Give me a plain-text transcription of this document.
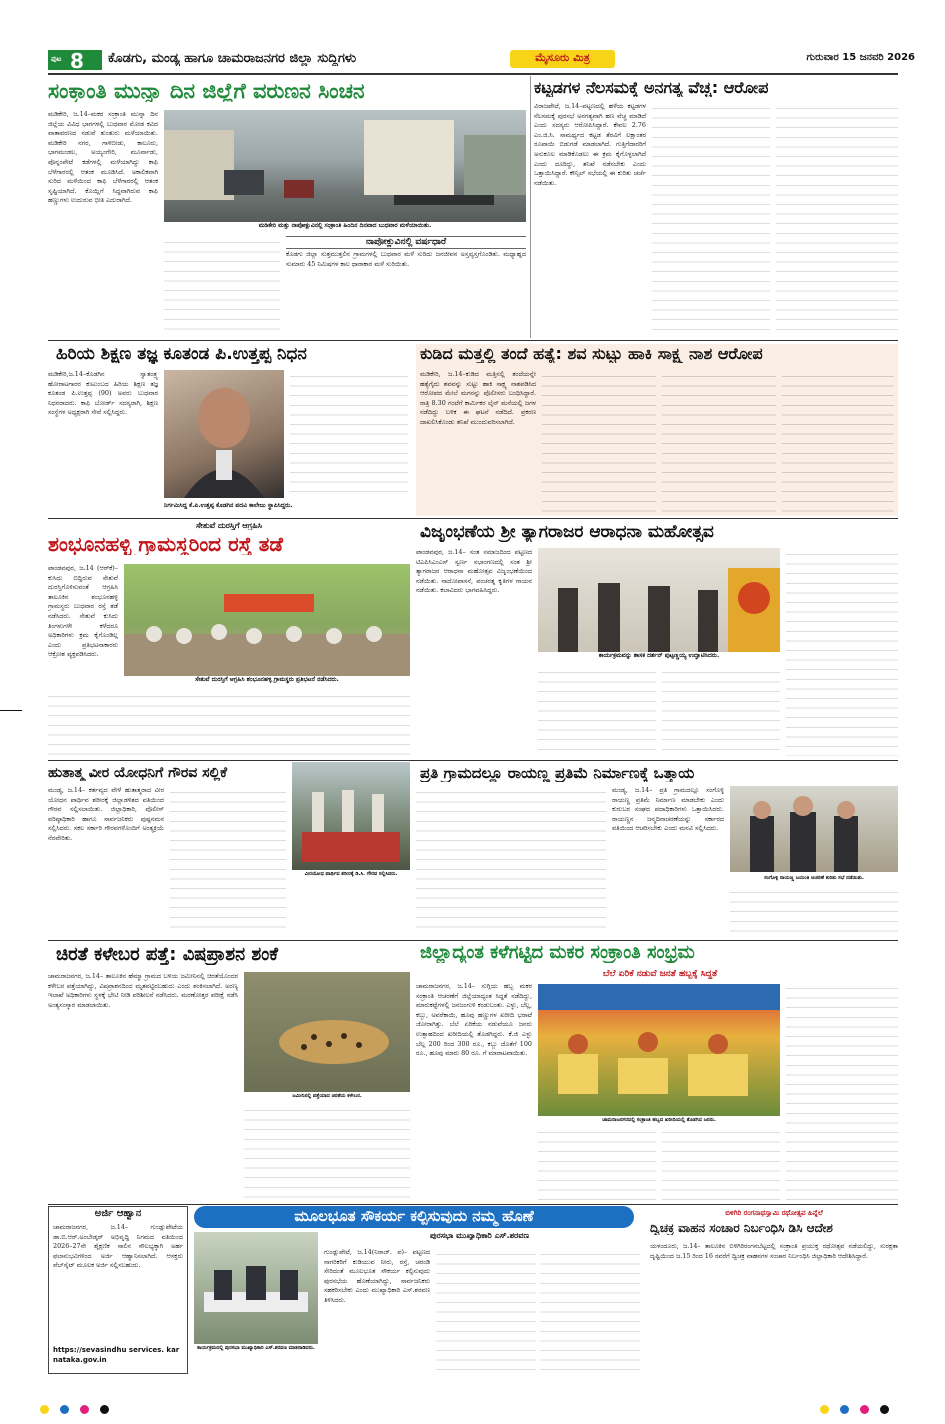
ಪುಟ 8 ಕೊಡಗು, ಮಂಡ್ಯ ಹಾಗೂ ಚಾಮರಾಜನಗರ ಜಿಲ್ಲಾ ಸುದ್ದಿಗಳು	ಮೈಸೂರು ಮಿತ್ರ	ಗುರುವಾರ 15 ಜನವರಿ 2026
ಸಂಕ್ರಾಂತಿ ಮುನ್ನಾ ದಿನ ಜಿಲ್ಲೆಗೆ ವರುಣನ ಸಿಂಚನ
ಮಡಿಕೇರಿ, ಜ.14–ಮಕರ ಸಂಕ್ರಾಂತಿ ಮುನ್ನಾ ದಿನ ಜಿಲ್ಲೆಯ ವಿವಿಧ ಭಾಗಗಳಲ್ಲಿ ಬುಧವಾರ ಮೋಡ ಕವಿದ ವಾತಾವರಣದ ನಡುವೆ ತುಂತುರು ಮಳೆಯಾಯಿತು. ಮಡಿಕೇರಿ ನಗರ, ಗಾಳಿಬೀಡು, ಕಾಲೂರು, ಭಾಗಮಂಡಲ, ಅಯ್ಯಂಗೇರಿ, ಮೂರ್ನಾಡು, ಪೊನ್ನಂಪೇಟೆ ಕಡೆಗಳಲ್ಲಿ ಮಳೆಯಾಗಿದ್ದು ಕಾಫಿ ಬೆಳೆಗಾರರಲ್ಲಿ ಆತಂಕ ಮೂಡಿಸಿದೆ. ಅಕಾಲಿಕವಾಗಿ ಸುರಿದ ಮಳೆಯಿಂದ ಕಾಫಿ ಬೆಳೆಗಾರರಲ್ಲಿ ಆತಂಕ ಸೃಷ್ಟಿಯಾಗಿದೆ. ಕೊಯ್ಲಿಗೆ ಸಿದ್ಧವಾಗಿರುವ ಕಾಫಿ ಹಣ್ಣುಗಳು ಉದುರುವ ಭೀತಿ ಎದುರಾಗಿದೆ.
ಮಡಿಕೇರಿ ಮತ್ತು ನಾಪೋಕ್ಲುವಿನಲ್ಲಿ ಸಂಕ್ರಾಂತಿ ಹಿಂದಿನ ದಿನವಾದ ಬುಧವಾರ ಮಳೆಯಾಯಿತು.
ನಾಪೋಕ್ಲುವಿನಲ್ಲಿ ವರ್ಷಧಾರೆ
ಕೊಡಗು ಜಿಲ್ಲಾ ಸುತ್ತಮುತ್ತಲಿನ ಗ್ರಾಮಗಳಲ್ಲಿ ಬುಧವಾರ ಮಳೆ ಸುರಿದು ಜನಜೀವನ ಅಸ್ತವ್ಯಸ್ತಗೊಂಡಿತು. ಮಧ್ಯಾಹ್ನದ ಸುಮಾರು 45 ನಿಮಿಷಗಳ ಕಾಲ ಧಾರಾಕಾರ ಮಳೆ ಸುರಿಯಿತು.
ಕಟ್ಟಡಗಳ ನೆಲಸಮಕ್ಕೆ ಅನಗತ್ಯ ವೆಚ್ಚ: ಆರೋಪ
ವಿರಾಜಪೇಟೆ, ಜ.14–ಪಟ್ಟಣದಲ್ಲಿ ಹಳೆಯ ಕಟ್ಟಡಗಳ ನೆಲಸಮಕ್ಕೆ ಪುರಸಭೆ ಅನಗತ್ಯವಾಗಿ ಹಣ ವೆಚ್ಚ ಮಾಡಿದೆ ಎಂದು ಸದಸ್ಯರು ಆರೋಪಿಸಿದ್ದಾರೆ. ಕೇವಲ 2.76 ಎಂ.ಜಿ.ಸಿ. ಸಾಮರ್ಥ್ಯದ ಕಟ್ಟಡ ತೆರವಿಗೆ ಲಕ್ಷಾಂತರ ರೂಪಾಯಿ ಬಿಡುಗಡೆ ಮಾಡಲಾಗಿದೆ. ಗುತ್ತಿಗೆದಾರರಿಗೆ ಅನುಕೂಲ ಮಾಡಿಕೊಡಲು ಈ ಕ್ರಮ ಕೈಗೊಳ್ಳಲಾಗಿದೆ ಎಂದು ದೂರಿದ್ದು, ತನಿಖೆ ನಡೆಸಬೇಕು ಎಂದು ಒತ್ತಾಯಿಸಿದ್ದಾರೆ. ಕೌನ್ಸಿಲ್ ಸಭೆಯಲ್ಲಿ ಈ ಕುರಿತು ಚರ್ಚೆ ನಡೆಯಿತು.
ಹಿರಿಯ ಶಿಕ್ಷಣ ತಜ್ಞ ಕೂತಂಡ ಪಿ.ಉತ್ತಪ್ಪ ನಿಧನ
ಮಡಿಕೇರಿ,ಜ.14–ಕೊಡಗಿನ ಸ್ವಾತಂತ್ರ್ಯ ಹೋರಾಟಗಾರರ ಕುಟುಂಬದ ಹಿರಿಯ ಶಿಕ್ಷಣ ತಜ್ಞ ಕೂತಂಡ ಪಿ.ಉತ್ತಪ್ಪ (90) ಅವರು ಬುಧವಾರ ನಿಧನರಾದರು. ಕಾಫಿ ಬೋರ್ಡ್ ಸದಸ್ಯರಾಗಿ, ಶಿಕ್ಷಣ ಸಂಸ್ಥೆಗಳ ಅಧ್ಯಕ್ಷರಾಗಿ ಸೇವೆ ಸಲ್ಲಿಸಿದ್ದರು.
ನಿರ್ಗಮಿಸಿದ್ದ ಕೆ.ಪಿ.ಉತ್ತಪ್ಪ ಕೊಡಗಿನ ಪದವಿ ಕಾಲೇಜು ಸ್ಥಾಪಿಸಿದ್ದರು.
ಕುಡಿದ ಮತ್ತಲ್ಲಿ ತಂದೆ ಹತ್ಯೆ: ಶವ ಸುಟ್ಟು ಹಾಕಿ ಸಾಕ್ಷ್ಯ ನಾಶ ಆರೋಪ
ಮಡಿಕೇರಿ, ಜ.14–ಕುಡಿದ ಮತ್ತಿನಲ್ಲಿ ತಂದೆಯನ್ನೇ ಹತ್ಯೆಗೈದು ಶವವನ್ನು ಸುಟ್ಟು ಹಾಕಿ ಸಾಕ್ಷ್ಯ ನಾಶಪಡಿಸಿದ ಆರೋಪದ ಮೇಲೆ ಮಗನನ್ನು ಪೊಲೀಸರು ಬಂಧಿಸಿದ್ದಾರೆ. ರಾತ್ರಿ 8.30 ಗಂಟೆಗೆ ಕಾರ್ಮಿಕರ ಲೈನ್ ಮನೆಯಲ್ಲಿ ಜಗಳ ನಡೆದಿದ್ದು ಬಳಿಕ ಈ ಘಟನೆ ನಡೆದಿದೆ. ಪ್ರಕರಣ ದಾಖಲಿಸಿಕೊಂಡು ತನಿಖೆ ಮುಂದುವರಿಸಲಾಗಿದೆ.
ಸೇತುವೆ ದುರಸ್ತಿಗೆ ಆಗ್ರಹಿಸಿ
ಶಂಭೂನಹಳ್ಳಿ ಗ್ರಾಮಸ್ಥರಿಂದ ರಸ್ತೆ ತಡೆ
ಪಾಂಡವಪುರ, ಜ.14 (ಆರ್‌ಕೆ)– ಕುಸಿದು ಬಿದ್ದಿರುವ ಸೇತುವೆ ದುರಸ್ತಿಗೊಳಿಸುವಂತೆ ಆಗ್ರಹಿಸಿ ತಾಲೂಕಿನ ಶಂಭೂನಹಳ್ಳಿ ಗ್ರಾಮಸ್ಥರು ಬುಧವಾರ ರಸ್ತೆ ತಡೆ ನಡೆಸಿದರು. ಸೇತುವೆ ಕುಸಿದು ತಿಂಗಳುಗಳೇ ಕಳೆದರೂ ಅಧಿಕಾರಿಗಳು ಕ್ರಮ ಕೈಗೊಂಡಿಲ್ಲ ಎಂದು ಪ್ರತಿಭಟನಾಕಾರರು ಆಕ್ರೋಶ ವ್ಯಕ್ತಪಡಿಸಿದರು.
ಸೇತುವೆ ದುರಸ್ತಿಗೆ ಆಗ್ರಹಿಸಿ ಶಂಭೂನಹಳ್ಳಿ ಗ್ರಾಮಸ್ಥರು ಪ್ರತಿಭಟನೆ ನಡೆಸಿದರು.
ವಿಜೃಂಭಣೆಯ ಶ್ರೀ ತ್ಯಾಗರಾಜರ ಆರಾಧನಾ ಮಹೋತ್ಸವ
ಪಾಂಡವಪುರ, ಜ.14– ಸಂತ ಸಮಾಜದಿಂದ ಪಟ್ಟಣದ ಟಿಎಪಿಸಿಎಂಎಸ್ ಸ್ವರ್ಣ ಸಭಾಂಗಣದಲ್ಲಿ ಸಂತ ಶ್ರೀ ತ್ಯಾಗರಾಜರ ಆರಾಧನಾ ಮಹೋತ್ಸವ ವಿಜೃಂಭಣೆಯಿಂದ ನಡೆಯಿತು. ನಾದೋಪಾಸನೆ, ಪಂಚರತ್ನ ಕೃತಿಗಳ ಗಾಯನ ನಡೆಯಿತು. ಕಲಾವಿದರು ಭಾಗವಹಿಸಿದ್ದರು.
ಕಾರ್ಯಕ್ರಮವನ್ನು ಶಾಸಕ ದರ್ಶನ್ ಪುಟ್ಟಣ್ಣಯ್ಯ ಉದ್ಘಾಟಿಸಿದರು.
ಹುತಾತ್ಮ ವೀರ ಯೋಧನಿಗೆ ಗೌರವ ಸಲ್ಲಿಕೆ
ಮಂಡ್ಯ, ಜ.14– ಕರ್ತವ್ಯದ ವೇಳೆ ಹುತಾತ್ಮರಾದ ವೀರ ಯೋಧನ ಪಾರ್ಥಿವ ಶರೀರಕ್ಕೆ ಜಿಲ್ಲಾಡಳಿತದ ವತಿಯಿಂದ ಗೌರವ ಸಲ್ಲಿಸಲಾಯಿತು. ಜಿಲ್ಲಾಧಿಕಾರಿ, ಪೊಲೀಸ್ ವರಿಷ್ಠಾಧಿಕಾರಿ ಹಾಗೂ ಸಾರ್ವಜನಿಕರು ಪುಷ್ಪನಮನ ಸಲ್ಲಿಸಿದರು. ಸಕಲ ಸರ್ಕಾರಿ ಗೌರವಗಳೊಂದಿಗೆ ಅಂತ್ಯಕ್ರಿಯೆ ನೆರವೇರಿತು.
ವೀರಯೋಧ ಪಾರ್ಥಿವ ಶರೀರಕ್ಕೆ ಡಿ.ಸಿ. ಗೌರವ ಸಲ್ಲಿಸಿದರು.
ಪ್ರತಿ ಗ್ರಾಮದಲ್ಲೂ ರಾಯಣ್ಣ ಪ್ರತಿಮೆ ನಿರ್ಮಾಣಕ್ಕೆ ಒತ್ತಾಯ
ಮಂಡ್ಯ, ಜ.14– ಪ್ರತಿ ಗ್ರಾಮದಲ್ಲೂ ಸಂಗೊಳ್ಳಿ ರಾಯಣ್ಣ ಪ್ರತಿಮೆ ನಿರ್ಮಾಣ ಮಾಡಬೇಕು ಎಂದು ಕುರುಬರ ಸಂಘದ ಪದಾಧಿಕಾರಿಗಳು ಒತ್ತಾಯಿಸಿದರು. ರಾಯಣ್ಣನ ಜನ್ಮದಿನಾಚರಣೆಯನ್ನು ಸರ್ಕಾರದ ವತಿಯಿಂದ ಆಚರಿಸಬೇಕು ಎಂದು ಮನವಿ ಸಲ್ಲಿಸಿದರು.
ಸಂಗೊಳ್ಳಿ ರಾಯಣ್ಣ ಜಯಂತಿ ಆಚರಣೆ ಕುರಿತು ಸಭೆ ನಡೆಯಿತು.
ಚಿರತೆ ಕಳೇಬರ ಪತ್ತೆ: ವಿಷಪ್ರಾಶನ ಶಂಕೆ
ಚಾಮರಾಜನಗರ, ಜ.14– ತಾಲೂಕಿನ ಹೆಮ್ಮಾ ಗ್ರಾಮದ ಬಳಿಯ ಜಮೀನಿನಲ್ಲಿ ಚಿರತೆಯೊಂದರ ಕಳೇಬರ ಪತ್ತೆಯಾಗಿದ್ದು, ವಿಷಪ್ರಾಶನದಿಂದ ಮೃತಪಟ್ಟಿರಬಹುದು ಎಂದು ಶಂಕಿಸಲಾಗಿದೆ. ಅರಣ್ಯ ಇಲಾಖೆ ಅಧಿಕಾರಿಗಳು ಸ್ಥಳಕ್ಕೆ ಭೇಟಿ ನೀಡಿ ಪರಿಶೀಲನೆ ನಡೆಸಿದರು. ಮರಣೋತ್ತರ ಪರೀಕ್ಷೆ ನಡೆಸಿ ಅಂತ್ಯಸಂಸ್ಕಾರ ಮಾಡಲಾಯಿತು.
ಜಮೀನಿನಲ್ಲಿ ಪತ್ತೆಯಾದ ಚಿರತೆಯ ಕಳೇಬರ.
ಜಿಲ್ಲಾದ್ಯಂತ ಕಳೆಗಟ್ಟಿದ ಮಕರ ಸಂಕ್ರಾಂತಿ ಸಂಭ್ರಮ
ಬೆಲೆ ಏರಿಕೆ ನಡುವೆ ಜನತೆ ಹಬ್ಬಕ್ಕೆ ಸಿದ್ಧತೆ
ಚಾಮರಾಜನಗರ, ಜ.14– ಸುಗ್ಗಿಯ ಹಬ್ಬ ಮಕರ ಸಂಕ್ರಾಂತಿ ಆಚರಣೆಗೆ ಜಿಲ್ಲೆಯಾದ್ಯಂತ ಸಿದ್ಧತೆ ನಡೆದಿದ್ದು, ಮಾರುಕಟ್ಟೆಗಳಲ್ಲಿ ಜನಜಂಗುಳಿ ಕಂಡುಬಂತು. ಎಳ್ಳು, ಬೆಲ್ಲ, ಕಬ್ಬು, ಅವರೆಕಾಯಿ, ಹೂವು ಹಣ್ಣುಗಳ ಖರೀದಿ ಭರಾಟೆ ಜೋರಾಗಿತ್ತು. ಬೆಲೆ ಏರಿಕೆಯ ನಡುವೆಯೂ ಜನರು ಉತ್ಸಾಹದಿಂದ ಖರೀದಿಯಲ್ಲಿ ತೊಡಗಿದ್ದರು. ಕೆ.ಜಿ ಎಳ್ಳು ಬೆಲ್ಲ 200 ರಿಂದ 300 ರೂ., ಕಬ್ಬು ಜೊತೆಗೆ 100 ರೂ., ಹೂವು ಮಾರು 80 ರೂ. ಗೆ ಮಾರಾಟವಾಯಿತು.
ಚಾಮರಾಜನಗರದಲ್ಲಿ ಸಂಕ್ರಾಂತಿ ಹಬ್ಬದ ಖರೀದಿಯಲ್ಲಿ ತೊಡಗಿದ ಜನರು.
ಅರ್ಜಿ ಆಹ್ವಾನ
ಚಾಮರಾಜನಗರ, ಜ.14– ಗುಂಡ್ಲುಪೇಟೆಯ ಡಾ.ಬಿ.ಆರ್.ಅಂಬೇಡ್ಕರ್ ಅಭಿವೃದ್ಧಿ ನಿಗಮದ ವತಿಯಿಂದ 2026–27ನೇ ಶೈಕ್ಷಣಿಕ ಸಾಲಿನ ಸೌಲಭ್ಯಕ್ಕಾಗಿ ಅರ್ಹ ಫಲಾನುಭವಿಗಳಿಂದ ಅರ್ಜಿ ಆಹ್ವಾನಿಸಲಾಗಿದೆ. ಆಸಕ್ತರು ವೆಬ್‌ಸೈಟ್ ಮೂಲಕ ಅರ್ಜಿ ಸಲ್ಲಿಸಬಹುದು.
https://sevasindhu services. karnataka.gov.in
ಮೂಲಭೂತ ಸೌಕರ್ಯ ಕಲ್ಪಿಸುವುದು ನಮ್ಮ ಹೊಣೆ
ಪುರಸಭಾ ಮುಖ್ಯಾಧಿಕಾರಿ ಎಸ್.ಶರವಣ
ಕಾರ್ಯಕ್ರಮದಲ್ಲಿ ಪುರಸಭಾ ಮುಖ್ಯಾಧಿಕಾರಿ ಎಸ್.ಶರವಣ ಮಾತನಾಡಿದರು.
ಗುಂಡ್ಲುಪೇಟೆ, ಜ.14(ನಿರಾಜ್. ಪ)– ಪಟ್ಟಣದ ನಾಗರಿಕರಿಗೆ ಕುಡಿಯುವ ನೀರು, ರಸ್ತೆ, ಚರಂಡಿ ಸೇರಿದಂತೆ ಮೂಲಭೂತ ಸೌಕರ್ಯ ಕಲ್ಪಿಸುವುದು ಪುರಸಭೆಯ ಹೊಣೆಯಾಗಿದ್ದು, ಸಾರ್ವಜನಿಕರು ಸಹಕರಿಸಬೇಕು ಎಂದು ಮುಖ್ಯಾಧಿಕಾರಿ ಎಸ್.ಶರವಣ ತಿಳಿಸಿದರು.
ಬಿಳಿಗಿರಿ ರಂಗನಾಥಸ್ವಾಮಿ ರಥೋತ್ಸವ ಹಿನ್ನೆಲೆ
ದ್ವಿಚಕ್ರ ವಾಹನ ಸಂಚಾರ ನಿರ್ಬಂಧಿಸಿ ಡಿಸಿ ಆದೇಶ
ಯಳಂದೂರು, ಜ.14– ತಾಲೂಕಿನ ಬಿಳಿಗಿರಿರಂಗನಬೆಟ್ಟದಲ್ಲಿ ಸಂಕ್ರಾಂತಿ ಪ್ರಯುಕ್ತ ರಥೋತ್ಸವ ನಡೆಯಲಿದ್ದು, ಸುರಕ್ಷತಾ ದೃಷ್ಟಿಯಿಂದ ಜ.15 ರಿಂದ 16 ರವರೆಗೆ ದ್ವಿಚಕ್ರ ವಾಹನಗಳ ಸಂಚಾರ ನಿರ್ಬಂಧಿಸಿ ಜಿಲ್ಲಾಧಿಕಾರಿ ಆದೇಶಿಸಿದ್ದಾರೆ.
